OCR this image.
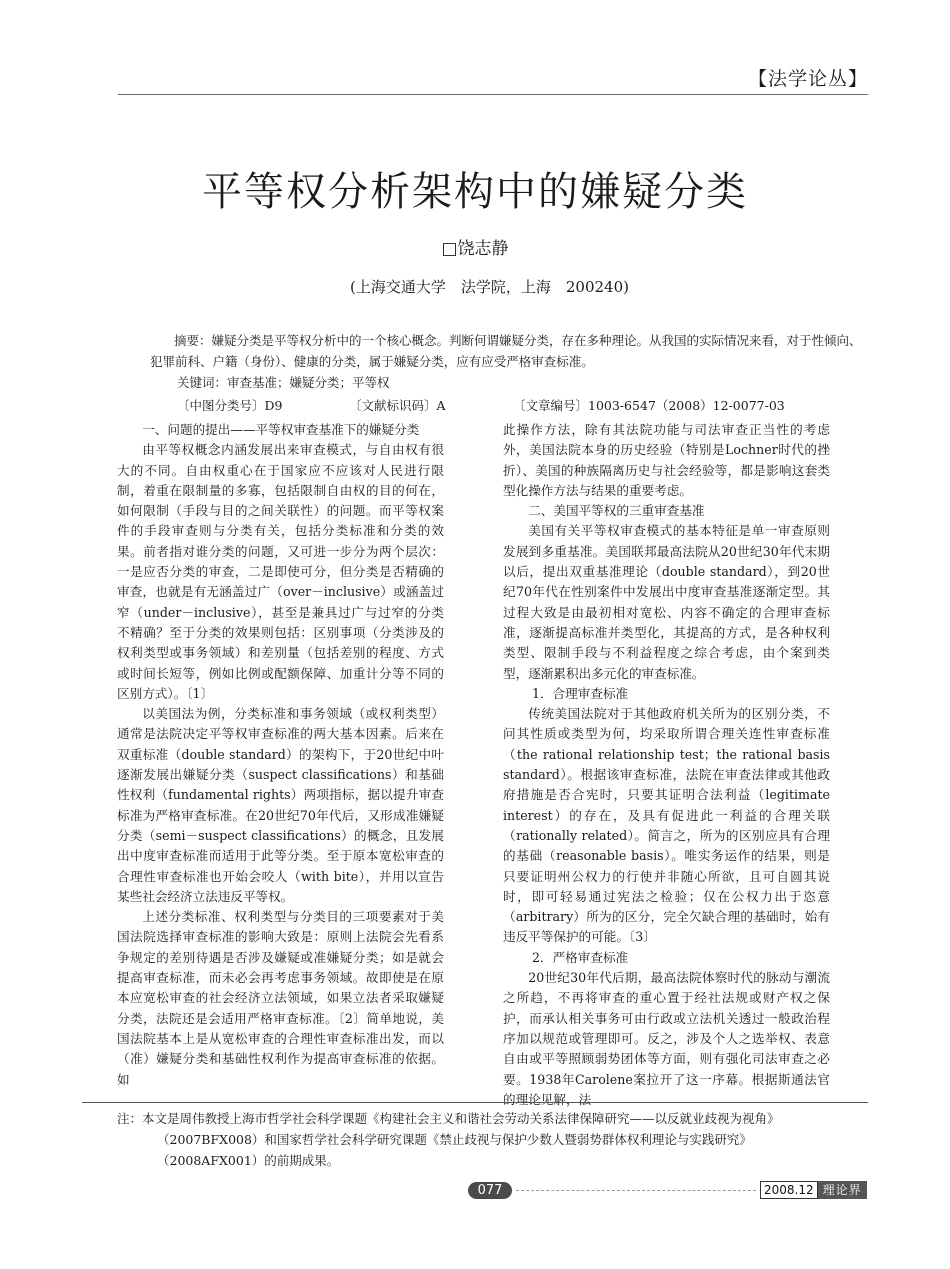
【法学论丛】
平等权分析架构中的嫌疑分类
□饶志静
(上海交通大学　法学院，上海　200240)
摘要：嫌疑分类是平等权分析中的一个核心概念。判断何谓嫌疑分类，存在多种理论。从我国的实际情况来看，对于性倾向、犯罪前科、户籍（身份）、健康的分类，属于嫌疑分类，应有应受严格审查标准。
关键词：审查基准；嫌疑分类；平等权
〔中图分类号〕D9	〔文献标识码〕A	〔文章编号〕1003-6547（2008）12-0077-03
一、问题的提出——平等权审查基准下的嫌疑分类

由平等权概念内涵发展出来审查模式，与自由权有很大的不同。自由权重心在于国家应不应该对人民进行限制，着重在限制量的多寡，包括限制自由权的目的何在，如何限制（手段与目的之间关联性）的问题。而平等权案件的手段审查则与分类有关，包括分类标准和分类的效果。前者指对谁分类的问题，又可进一步分为两个层次：一是应否分类的审查，二是即使可分，但分类是否精确的审查，也就是有无涵盖过广（over－inclusive）或涵盖过窄（under－inclusive），甚至是兼具过广与过窄的分类不精确？至于分类的效果则包括：区别事项（分类涉及的权利类型或事务领域）和差别量（包括差别的程度、方式或时间长短等，例如比例或配额保障、加重计分等不同的区别方式）。〔1〕

以美国法为例，分类标准和事务领域（或权利类型）通常是法院决定平等权审查标准的两大基本因素。后来在双重标准（double standard）的架构下，于20世纪中叶逐渐发展出嫌疑分类（suspect classifications）和基础性权利（fundamental rights）两项指标，据以提升审查标准为严格审查标准。在20世纪70年代后，又形成准嫌疑分类（semi－suspect classifications）的概念，且发展出中度审查标准而适用于此等分类。至于原本宽松审查的合理性审查标准也开始会咬人（with bite），并用以宣告某些社会经济立法违反平等权。

上述分类标准、权利类型与分类目的三项要素对于美国法院选择审查标准的影响大致是：原则上法院会先看系争规定的差别待遇是否涉及嫌疑或准嫌疑分类；如是就会提高审查标准，而未必会再考虑事务领域。故即使是在原本应宽松审查的社会经济立法领域，如果立法者采取嫌疑分类，法院还是会适用严格审查标准。〔2〕简单地说，美国法院基本上是从宽松审查的合理性审查标准出发，而以（准）嫌疑分类和基础性权利作为提高审查标准的依据。如

此操作方法，除有其法院功能与司法审查正当性的考虑外，美国法院本身的历史经验（特别是Lochner时代的挫折）、美国的种族隔离历史与社会经验等，都是影响这套类型化操作方法与结果的重要考虑。

二、美国平等权的三重审查基准

美国有关平等权审查模式的基本特征是单一审查原则发展到多重基准。美国联邦最高法院从20世纪30年代末期以后，提出双重基准理论（double standard），到20世纪70年代在性别案件中发展出中度审查基准逐渐定型。其过程大致是由最初相对宽松、内容不确定的合理审查标准，逐渐提高标准并类型化，其提高的方式，是各种权利类型、限制手段与不利益程度之综合考虑，由个案到类型，逐渐累积出多元化的审查标准。

1．合理审查标准

传统美国法院对于其他政府机关所为的区别分类，不问其性质或类型为何，均采取所谓合理关连性审查标准（the rational relationship test；the rational basis standard）。根据该审查标准，法院在审查法律或其他政府措施是否合宪时，只要其证明合法利益（legitimate interest）的存在，及具有促进此一利益的合理关联（rationally related）。简言之，所为的区别应具有合理的基础（reasonable basis）。唯实务运作的结果，则是只要证明州公权力的行使并非随心所欲，且可自圆其说时，即可轻易通过宪法之检验；仅在公权力出于恣意（arbitrary）所为的区分，完全欠缺合理的基础时，始有违反平等保护的可能。〔3〕

2．严格审查标准

20世纪30年代后期，最高法院体察时代的脉动与潮流之所趋，不再将审查的重心置于经社法规或财产权之保护，而承认相关事务可由行政或立法机关透过一般政治程序加以规范或管理即可。反之，涉及个人之选举权、表意自由或平等照顾弱势团体等方面，则有强化司法审查之必要。1938年Carolene案拉开了这一序幕。根据斯通法官的理论见解，法

注：本文是周伟教授上海市哲学社会科学课题《构建社会主义和谐社会劳动关系法律保障研究——以反就业歧视为视角》
（2007BFX008）和国家哲学社会科学研究课题《禁止歧视与保护少数人暨弱势群体权利理论与实践研究》
（2008AFX001）的前期成果。
077	2008.12 理论界
